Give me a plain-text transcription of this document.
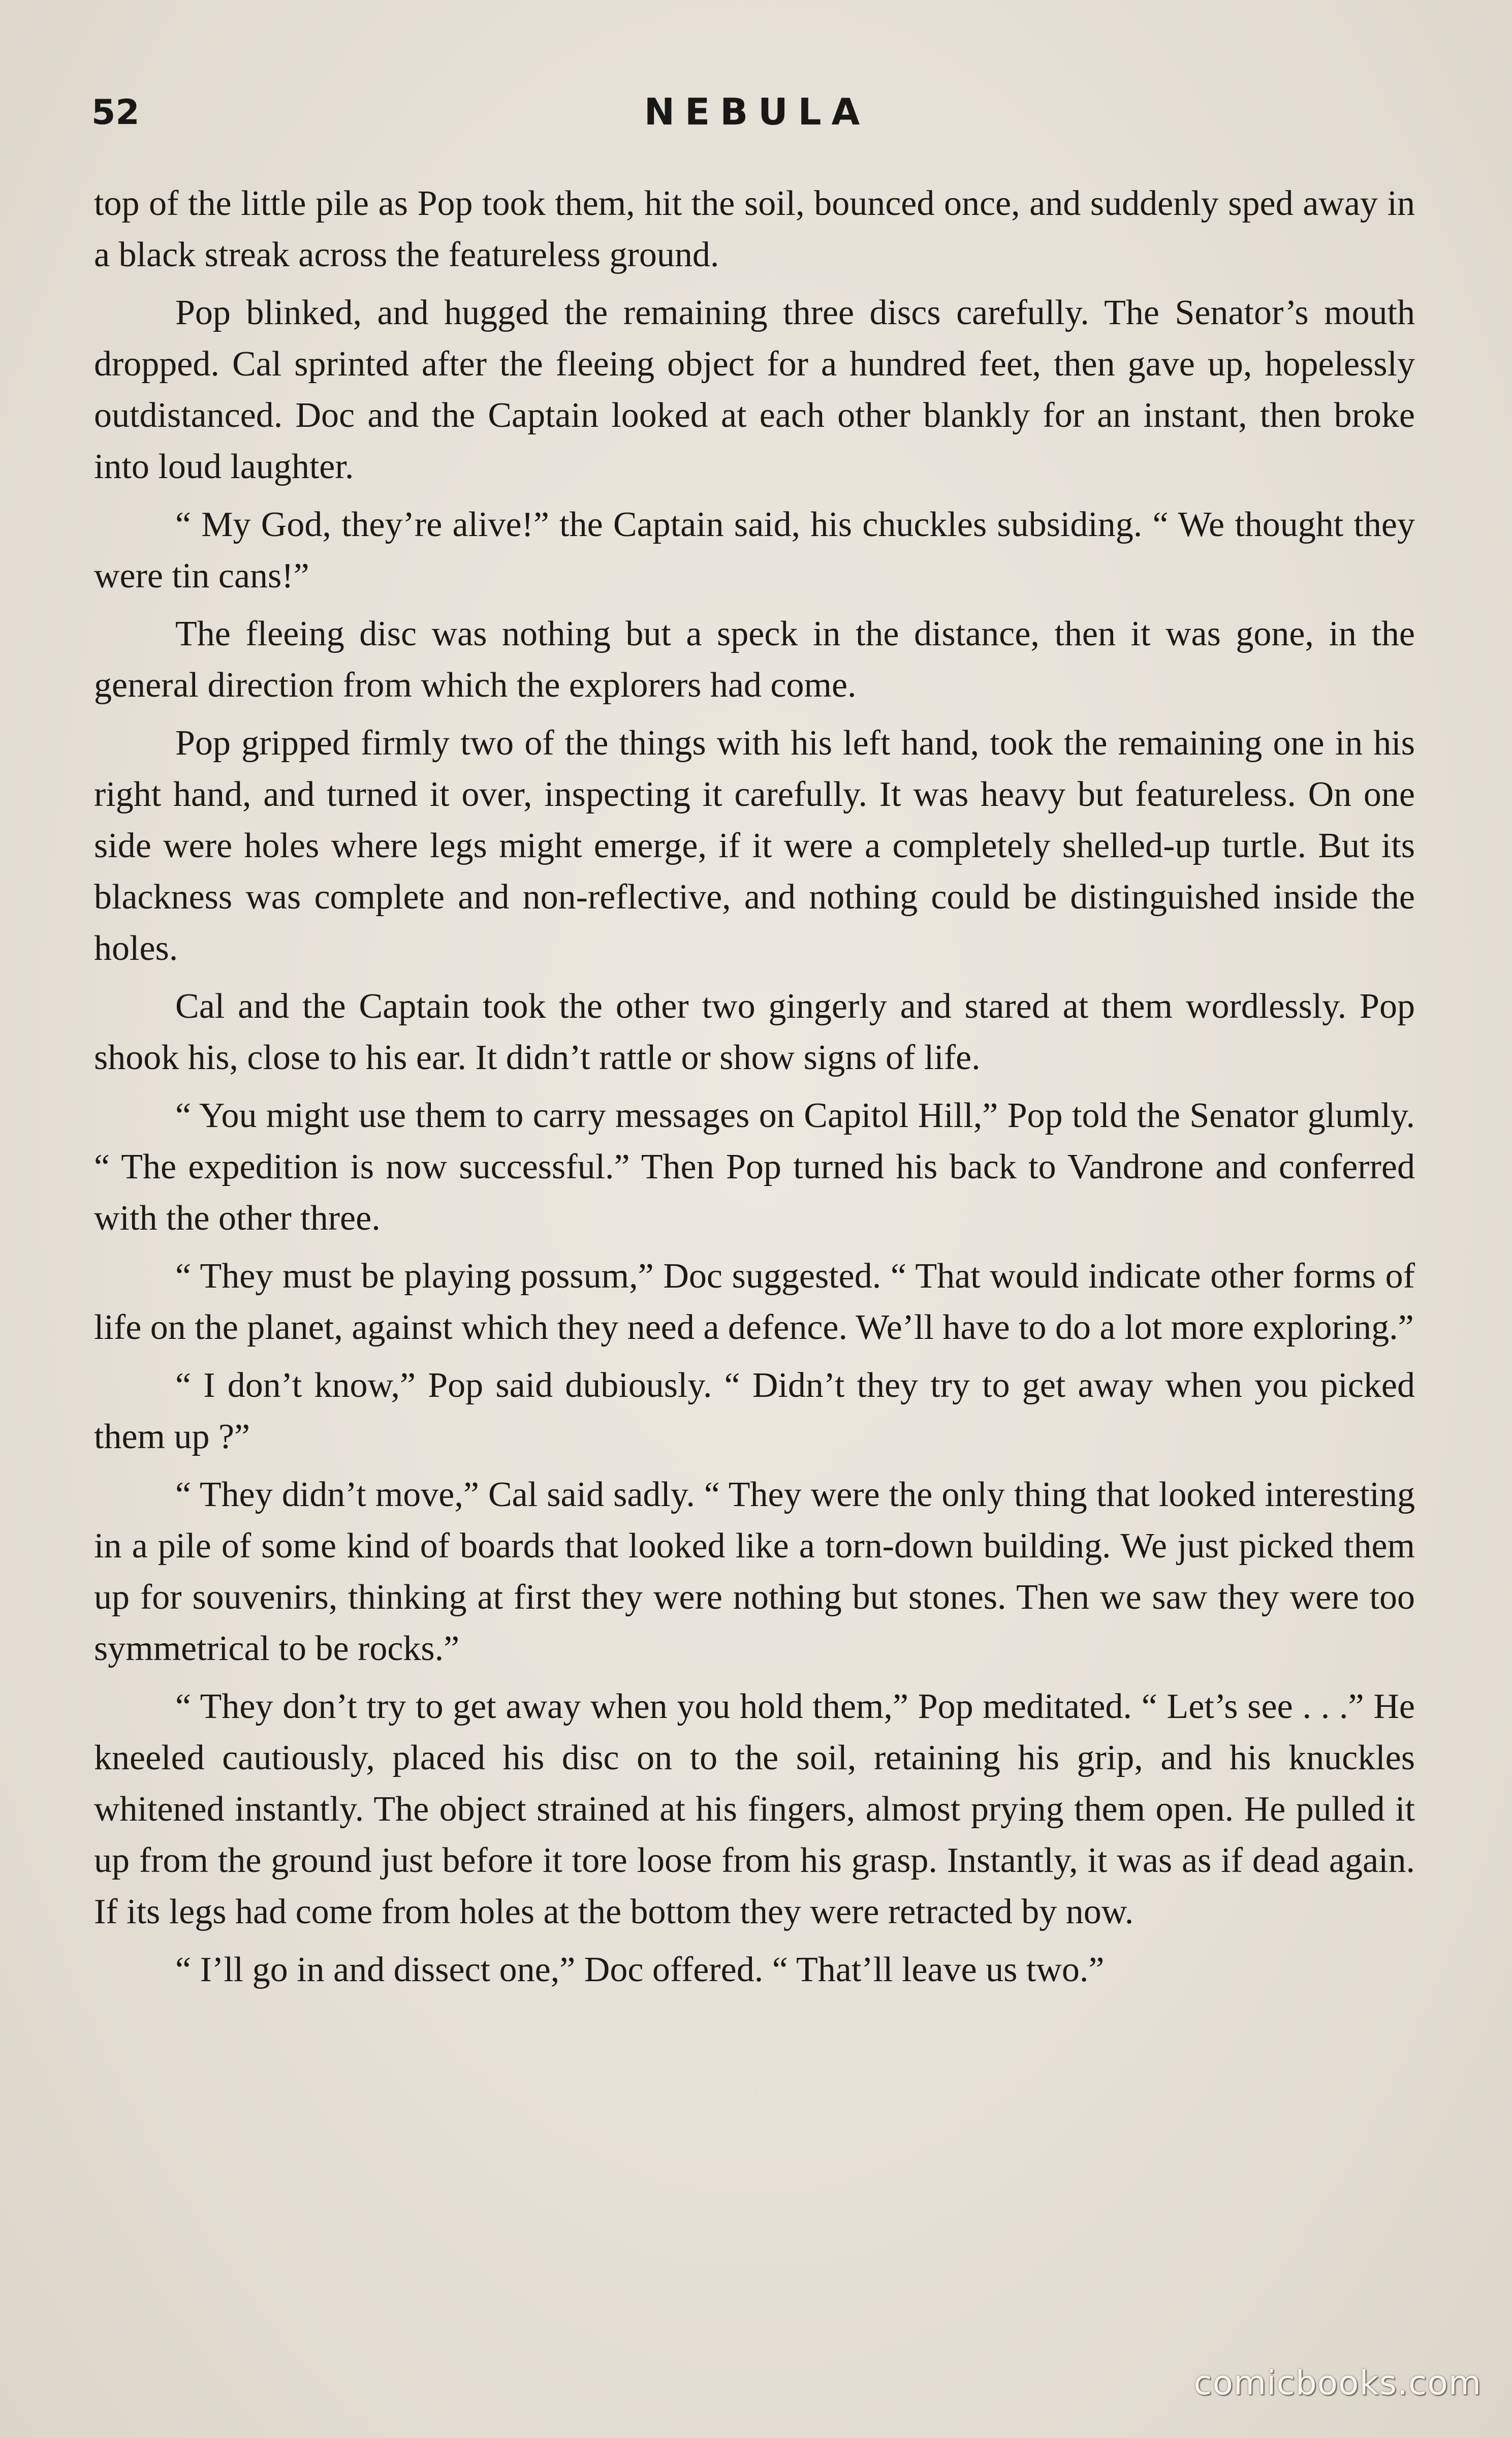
52	NEBULA

top of the little pile as Pop took them, hit the soil, bounced once, and suddenly sped away in a black streak across the featureless ground.

Pop blinked, and hugged the remaining three discs carefully. The Senator’s mouth dropped. Cal sprinted after the fleeing object for a hundred feet, then gave up, hopelessly outdistanced. Doc and the Captain looked at each other blankly for an instant, then broke into loud laughter.

“ My God, they’re alive!” the Captain said, his chuckles subsiding. “ We thought they were tin cans!”

The fleeing disc was nothing but a speck in the distance, then it was gone, in the general direction from which the explorers had come.

Pop gripped firmly two of the things with his left hand, took the remaining one in his right hand, and turned it over, inspecting it carefully. It was heavy but featureless. On one side were holes where legs might emerge, if it were a completely shelled-up turtle. But its blackness was complete and non-reflective, and nothing could be distinguished inside the holes.

Cal and the Captain took the other two gingerly and stared at them wordlessly. Pop shook his, close to his ear. It didn’t rattle or show signs of life.

“ You might use them to carry messages on Capitol Hill,” Pop told the Senator glumly. “ The expedition is now successful.” Then Pop turned his back to Vandrone and conferred with the other three.

“ They must be playing possum,” Doc suggested. “ That would indicate other forms of life on the planet, against which they need a defence. We’ll have to do a lot more exploring.”

“ I don’t know,” Pop said dubiously. “ Didn’t they try to get away when you picked them up ?”

“ They didn’t move,” Cal said sadly. “ They were the only thing that looked interesting in a pile of some kind of boards that looked like a torn-down building. We just picked them up for souvenirs, thinking at first they were nothing but stones. Then we saw they were too symmetrical to be rocks.”

“ They don’t try to get away when you hold them,” Pop meditated. “ Let’s see . . .” He kneeled cautiously, placed his disc on to the soil, retaining his grip, and his knuckles whitened instantly. The object strained at his fingers, almost prying them open. He pulled it up from the ground just before it tore loose from his grasp. Instantly, it was as if dead again. If its legs had come from holes at the bottom they were retracted by now.

“ I’ll go in and dissect one,” Doc offered. “ That’ll leave us two.”

comicbooks.com
